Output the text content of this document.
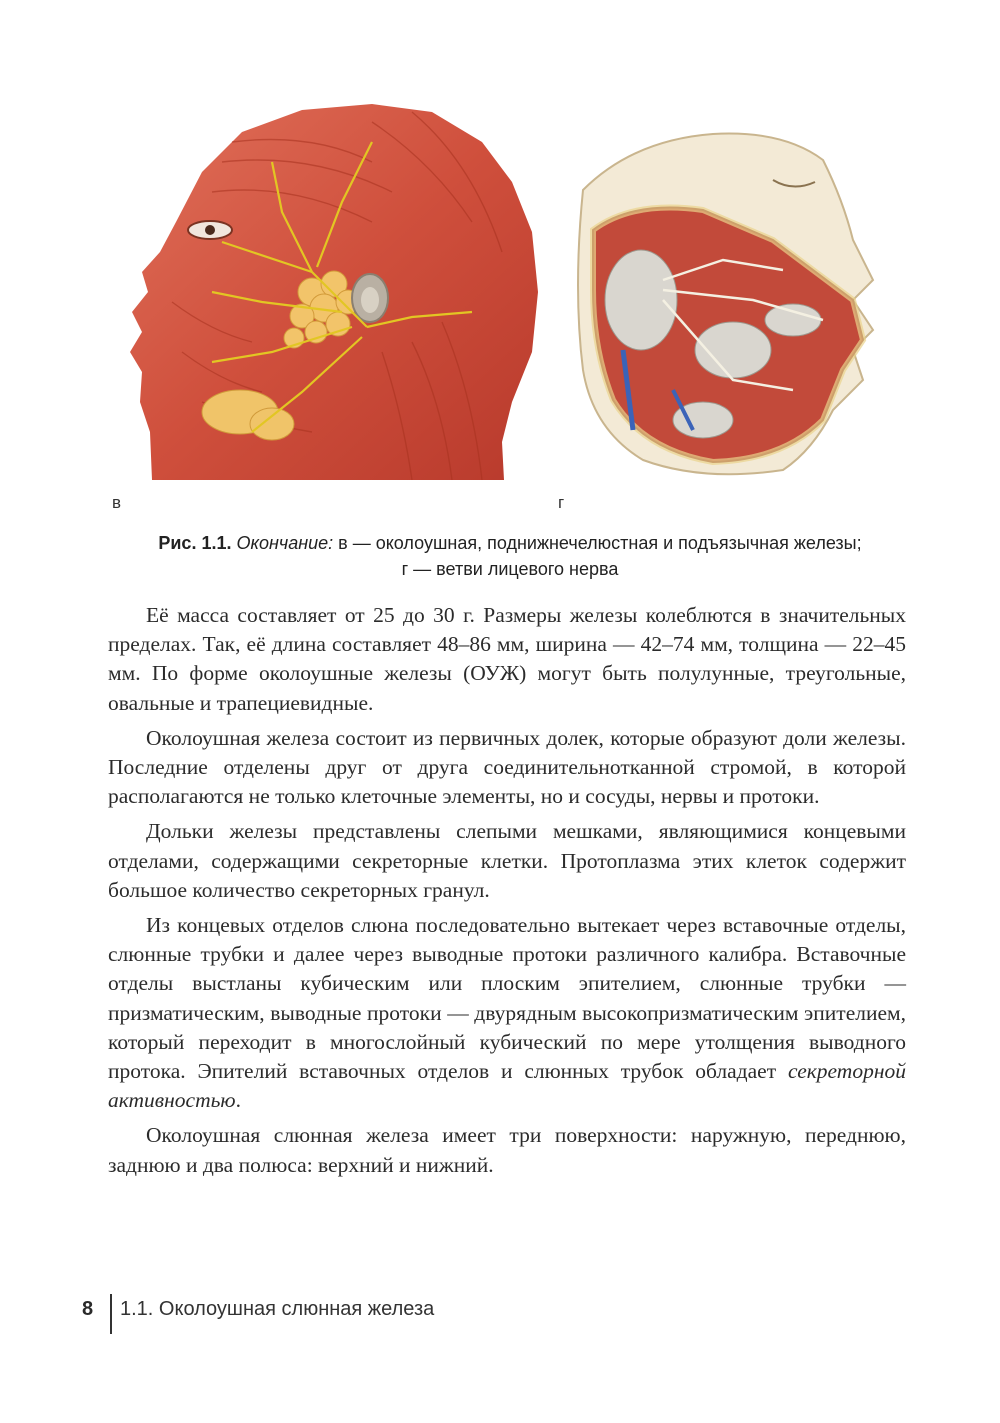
в	г
Рис. 1.1. Окончание: в — околоушная, поднижнечелюстная и подъязычная железы;
г — ветви лицевого нерва

Её масса составляет от 25 до 30 г. Размеры железы колеблются в значительных пределах. Так, её длина составляет 48–86 мм, ширина — 42–74 мм, толщина — 22–45 мм. По форме околоушные железы (ОУЖ) могут быть полулунные, треугольные, овальные и трапециевидные.

Околоушная железа состоит из первичных долек, которые образуют доли железы. Последние отделены друг от друга соединительнотканной стромой, в которой располагаются не только клеточные элементы, но и сосуды, нервы и протоки.

Дольки железы представлены слепыми мешками, являющимися концевыми отделами, содержащими секреторные клетки. Протоплазма этих клеток содержит большое количество секреторных гранул.

Из концевых отделов слюна последовательно вытекает через вставочные отделы, слюнные трубки и далее через выводные протоки различного калибра. Вставочные отделы выстланы кубическим или плоским эпителием, слюнные трубки — призматическим, выводные протоки — двурядным высокопризматическим эпителием, который переходит в многослойный кубический по мере утолщения выводного протока. Эпителий вставочных отделов и слюнных трубок обладает секреторной активностью.

Околоушная слюнная железа имеет три поверхности: наружную, переднюю, заднюю и два полюса: верхний и нижний.

8 1.1. Околоушная слюнная железа
